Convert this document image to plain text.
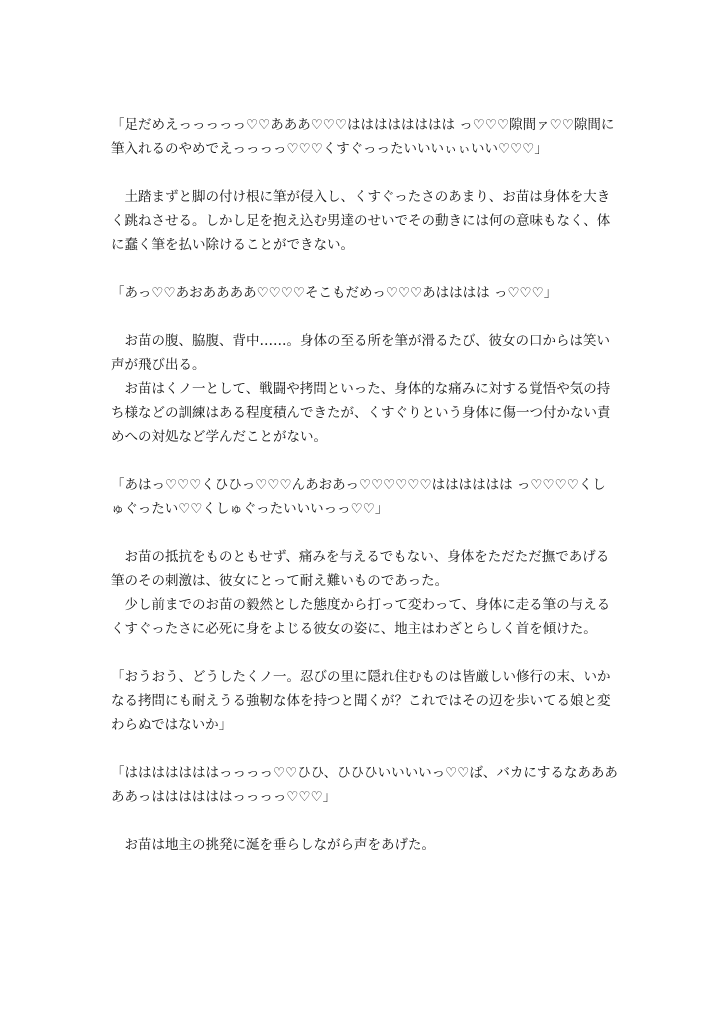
「足だめえっっっっっ♡♡あああ♡♡♡はははははははは っ♡♡♡隙間ァ♡♡隙間に筆入れるのやめでえっっっっ♡♡♡くすぐっったいいいぃぃいい♡♡♡」

　土踏まずと脚の付け根に筆が侵入し、くすぐったさのあまり、お苗は身体を大きく跳ねさせる。しかし足を抱え込む男達のせいでその動きには何の意味もなく、体に蠢く筆を払い除けることができない。

「あっ♡♡あおああああ♡♡♡♡そこもだめっ♡♡♡あはははは っ♡♡♡」

　お苗の腹、脇腹、背中……。身体の至る所を筆が滑るたび、彼女の口からは笑い声が飛び出る。
　お苗はくノ一として、戦闘や拷問といった、身体的な痛みに対する覚悟や気の持ち様などの訓練はある程度積んできたが、くすぐりという身体に傷一つ付かない責めへの対処など学んだことがない。

「あはっ♡♡♡くひひっ♡♡♡んあおあっ♡♡♡♡♡♡はははははは っ♡♡♡♡くしゅぐったい♡♡くしゅぐったいいいっっ♡♡」

　お苗の抵抗をものともせず、痛みを与えるでもない、身体をただただ撫であげる筆のその刺激は、彼女にとって耐え難いものであった。
　少し前までのお苗の毅然とした態度から打って変わって、身体に走る筆の与えるくすぐったさに必死に身をよじる彼女の姿に、地主はわざとらしく首を傾けた。

「おうおう、どうしたくノ一。忍びの里に隠れ住むものは皆厳しい修行の末、いかなる拷問にも耐えうる強靭な体を持つと聞くが？これではその辺を歩いてる娘と変わらぬではないか」

「はははははははっっっっ♡♡ひひ、ひひひいいいいっ♡♡ば、バカにするなあああああっははははははっっっっ♡♡♡」

　お苗は地主の挑発に涎を垂らしながら声をあげた。
